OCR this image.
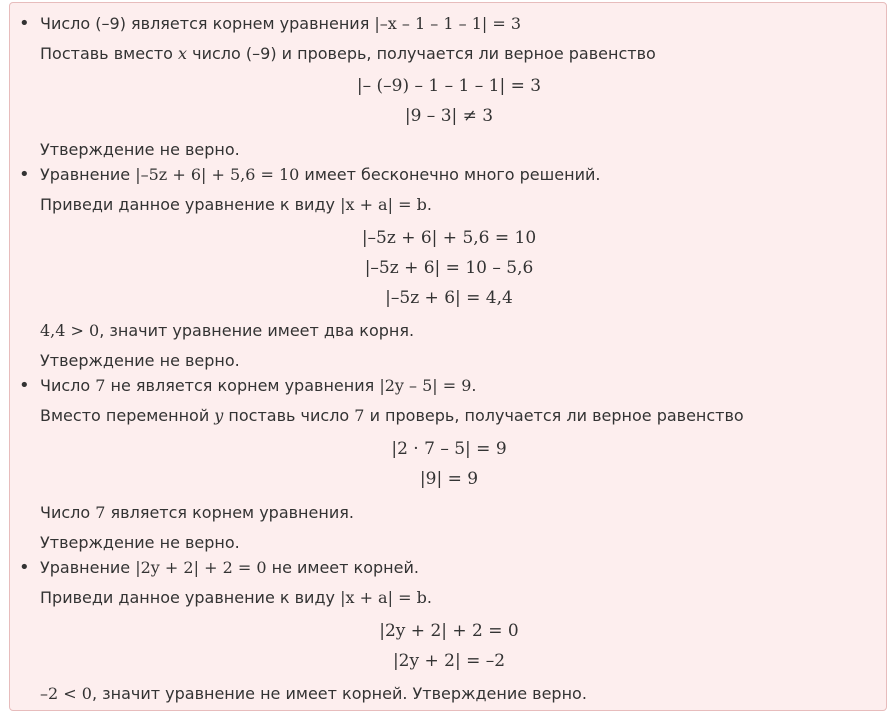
• Число (–9) является корнем уравнения |–x – 1 – 1 – 1| = 3
Поставь вместо x число (–9) и проверь, получается ли верное равенство
|– (–9) – 1 – 1 – 1| = 3
|9 – 3| ≠ 3
Утверждение не верно.
• Уравнение |–5z + 6| + 5,6 = 10 имеет бесконечно много решений.
Приведи данное уравнение к виду |x + a| = b.
|–5z + 6| + 5,6 = 10
|–5z + 6| = 10 – 5,6
|–5z + 6| = 4,4
4,4 > 0, значит уравнение имеет два корня.
Утверждение не верно.
• Число 7 не является корнем уравнения |2y – 5| = 9.
Вместо переменной y поставь число 7 и проверь, получается ли верное равенство
|2 · 7 – 5| = 9
|9| = 9
Число 7 является корнем уравнения.
Утверждение не верно.
• Уравнение |2y + 2| + 2 = 0 не имеет корней.
Приведи данное уравнение к виду |x + a| = b.
|2y + 2| + 2 = 0
|2y + 2| = –2
–2 < 0, значит уравнение не имеет корней. Утверждение верно.
